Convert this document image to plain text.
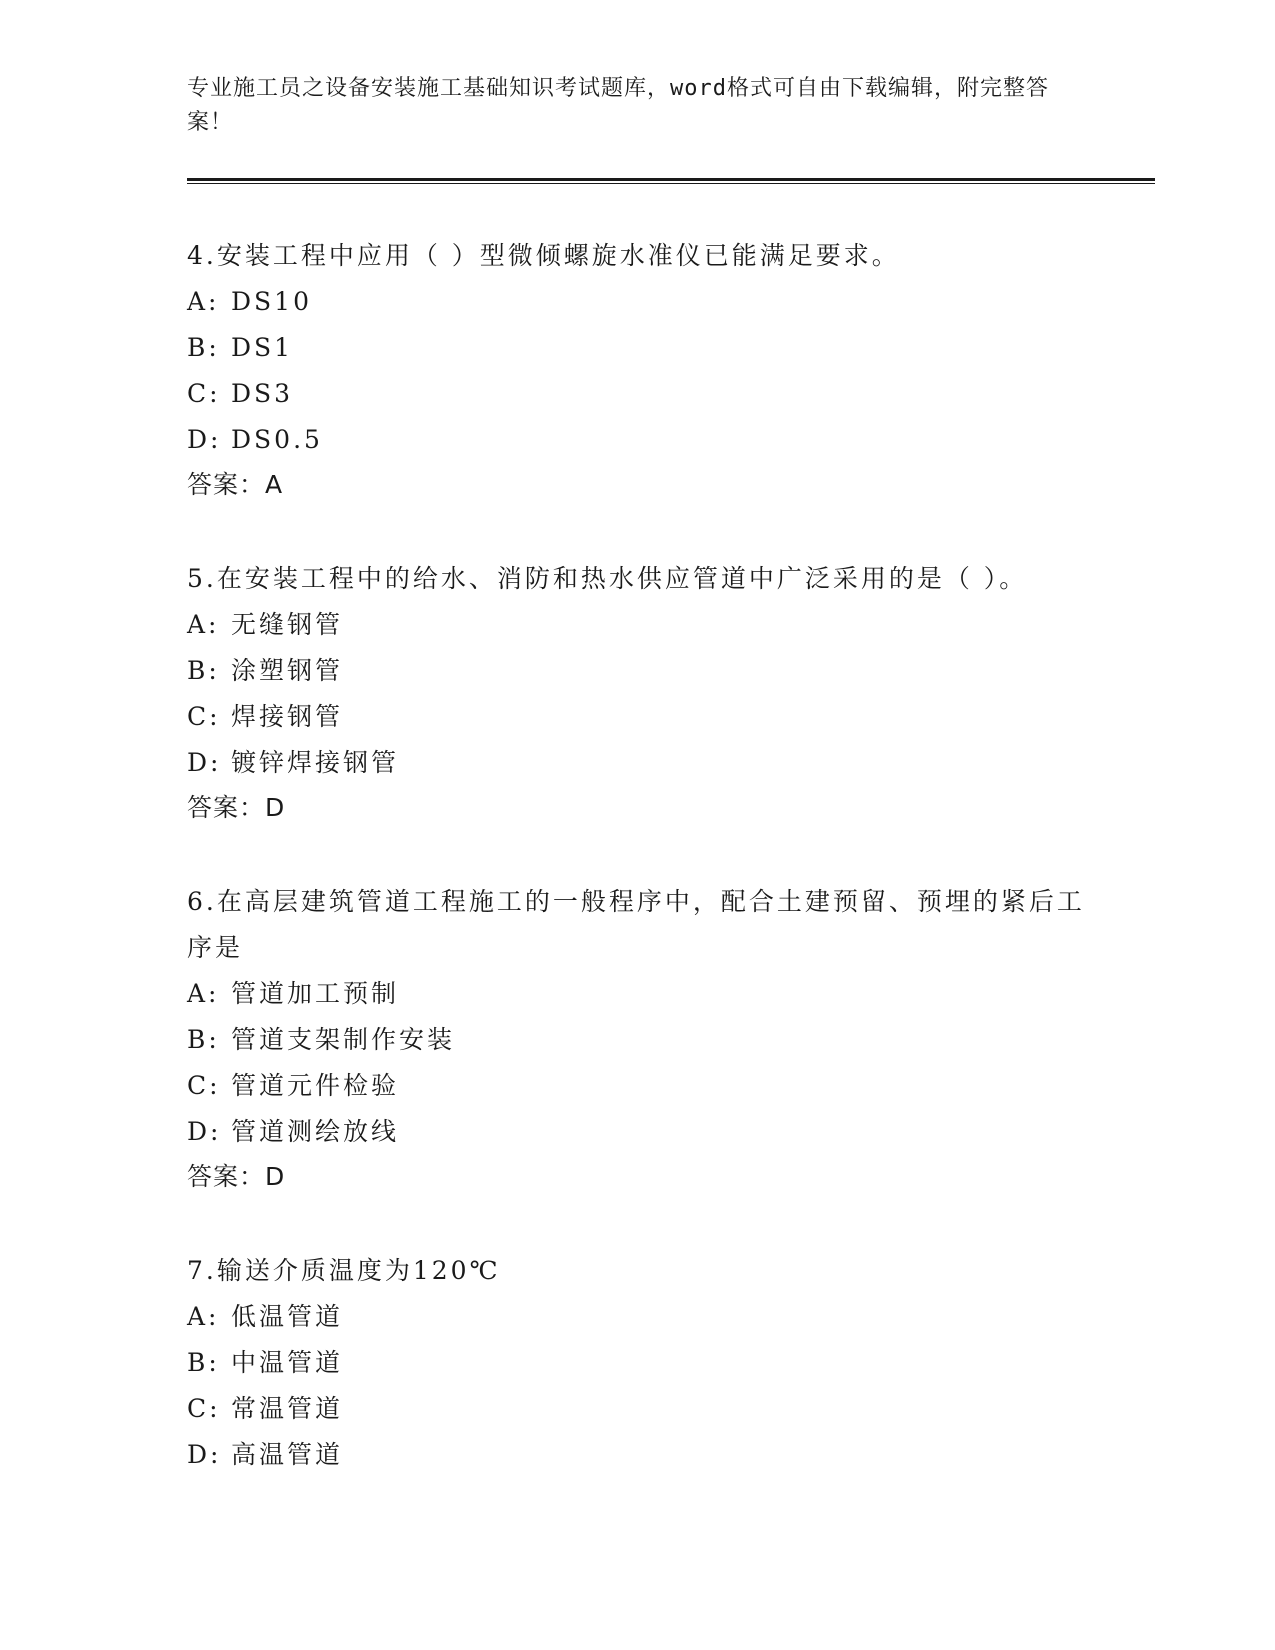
专业施工员之设备安装施工基础知识考试题库，word格式可自由下载编辑，附完整答案！
4.安装工程中应用（ ）型微倾螺旋水准仪已能满足要求。
A: DS10
B: DS1
C: DS3
D: DS0.5
答案：A
5.在安装工程中的给水、消防和热水供应管道中广泛采用的是（ ）。
A: 无缝钢管
B: 涂塑钢管
C: 焊接钢管
D: 镀锌焊接钢管
答案：D
6.在高层建筑管道工程施工的一般程序中，配合土建预留、预埋的紧后工序是
A: 管道加工预制
B: 管道支架制作安装
C: 管道元件检验
D: 管道测绘放线
答案：D
7.输送介质温度为120℃
A: 低温管道
B: 中温管道
C: 常温管道
D: 高温管道
